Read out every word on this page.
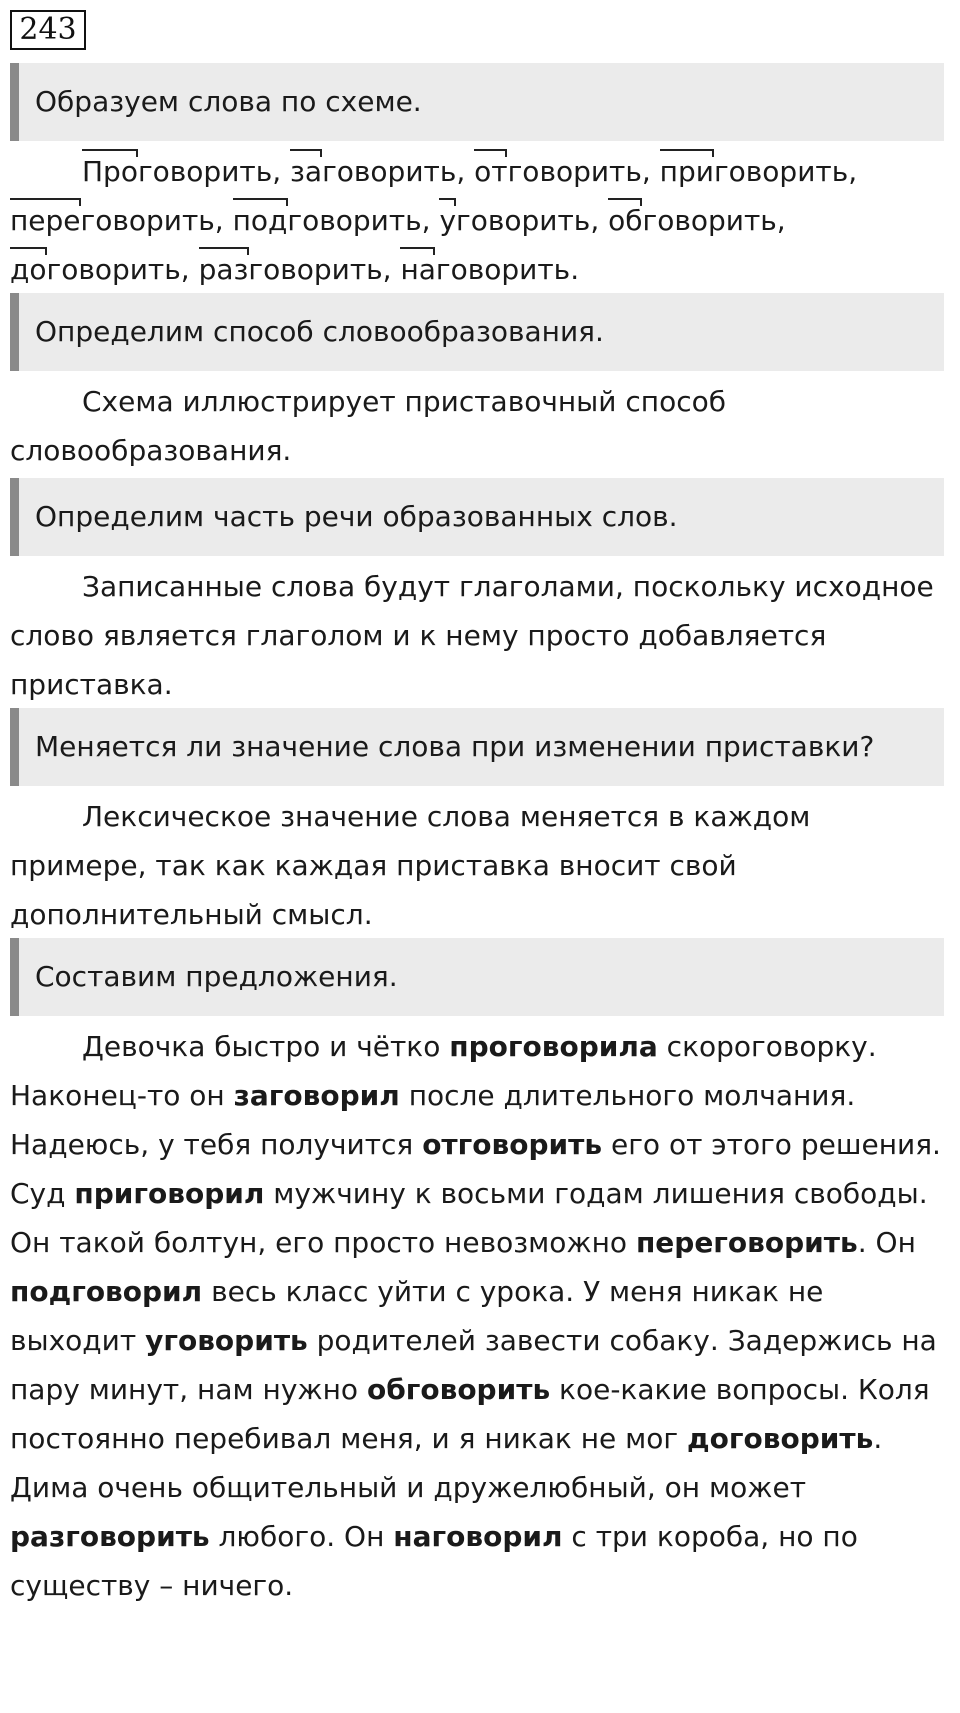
243
Образуем слова по схеме.
Проговорить
, заговорить
, отговорить
, приговорить
,
переговорить
, подговорить
, уговорить
, обговорить
,
договорить
, разговорить
, наговорить
.
Определим способ словообразования.

Схема иллюстрирует приставочный способ словообразования.

Определим часть речи образованных слов.

Записанные слова будут глаголами, поскольку исходное слово является глаголом и к нему просто добавляется приставка.

Меняется ли значение слова при изменении приставки?

Лексическое значение слова меняется в каждом примере, так как каждая приставка вносит свой дополнительный смысл.

Составим предложения.

Девочка быстро и чётко проговорила скороговорку. Наконец-то он заговорил после длительного молчания. Надеюсь, у тебя получится отговорить его от этого решения. Суд приговорил мужчину к восьми годам лишения свободы. Он такой болтун, его просто невозможно переговорить. Он подговорил весь класс уйти с урока. У меня никак не выходит уговорить родителей завести собаку. Задержись на пару минут, нам нужно обговорить кое-какие вопросы. Коля постоянно перебивал меня, и я никак не мог договорить. Дима очень общительный и дружелюбный, он может разговорить любого. Он наговорил с три короба, но по существу – ничего.
